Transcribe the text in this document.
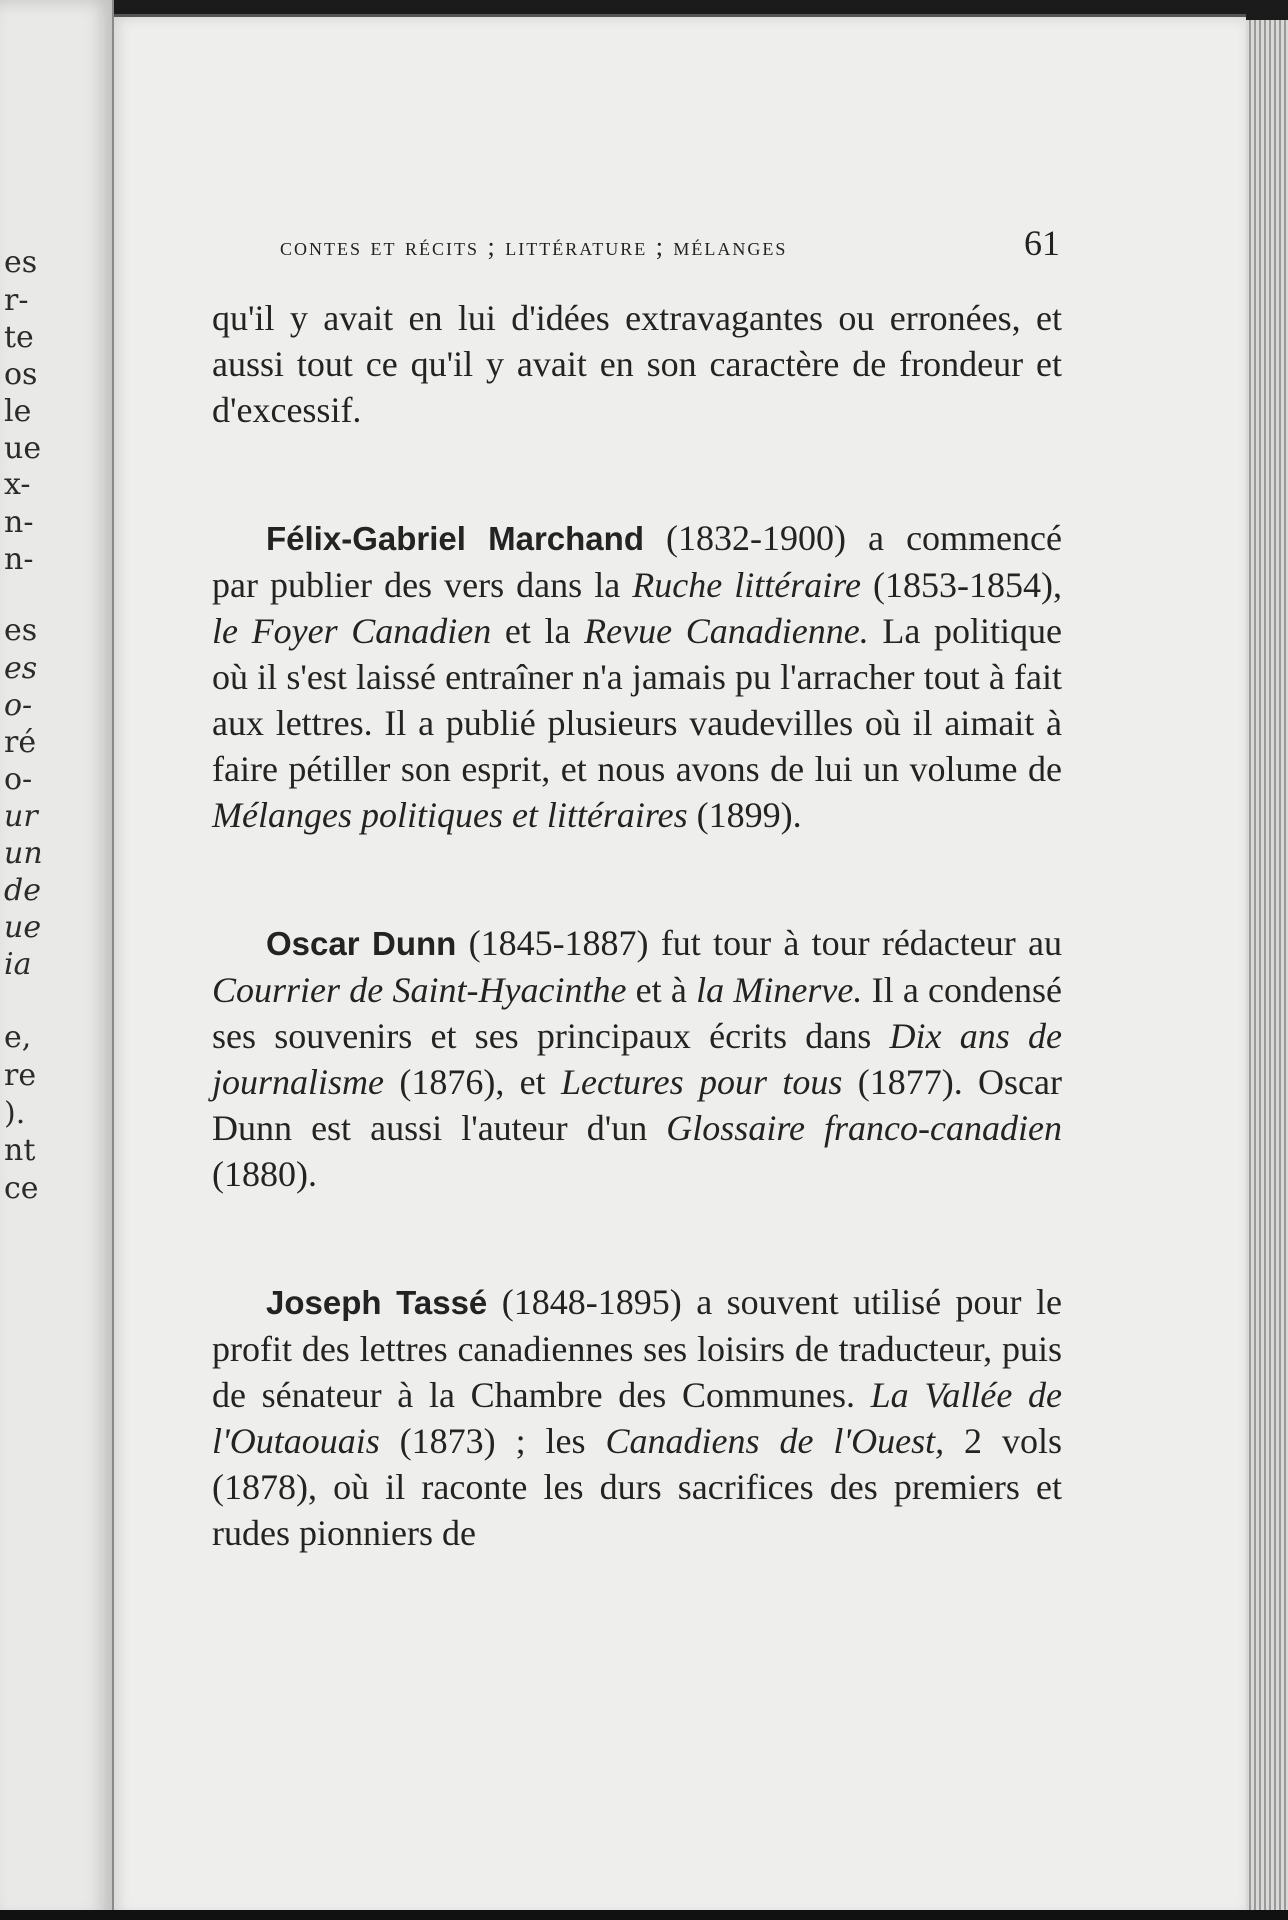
es
r-
te
os
le
ue
x-
n-
n-
es
es
o-
ré
o-
ur
un
de
ue
ia
e,
re
).
nt
ce
contes et récits ; littérature ; mélanges	61

qu'il y avait en lui d'idées extravagantes ou erronées, et aussi tout ce qu'il y avait en son caractère de frondeur et d'excessif.

Félix-Gabriel Marchand (1832-1900) a commencé par publier des vers dans la Ruche littéraire (1853-1854), le Foyer Canadien et la Revue Canadienne. La politique où il s'est laissé entraîner n'a jamais pu l'arracher tout à fait aux lettres. Il a publié plusieurs vaudevilles où il aimait à faire pétiller son esprit, et nous avons de lui un volume de Mélanges politiques et littéraires (1899).

Oscar Dunn (1845-1887) fut tour à tour rédacteur au Courrier de Saint-Hyacinthe et à la Minerve. Il a condensé ses souvenirs et ses principaux écrits dans Dix ans de journalisme (1876), et Lectures pour tous (1877). Oscar Dunn est aussi l'auteur d'un Glossaire franco-canadien (1880).

Joseph Tassé (1848-1895) a souvent utilisé pour le profit des lettres canadiennes ses loisirs de traducteur, puis de sénateur à la Chambre des Communes. La Vallée de l'Outaouais (1873) ; les Canadiens de l'Ouest, 2 vols (1878), où il raconte les durs sacrifices des premiers et rudes pionniers de
